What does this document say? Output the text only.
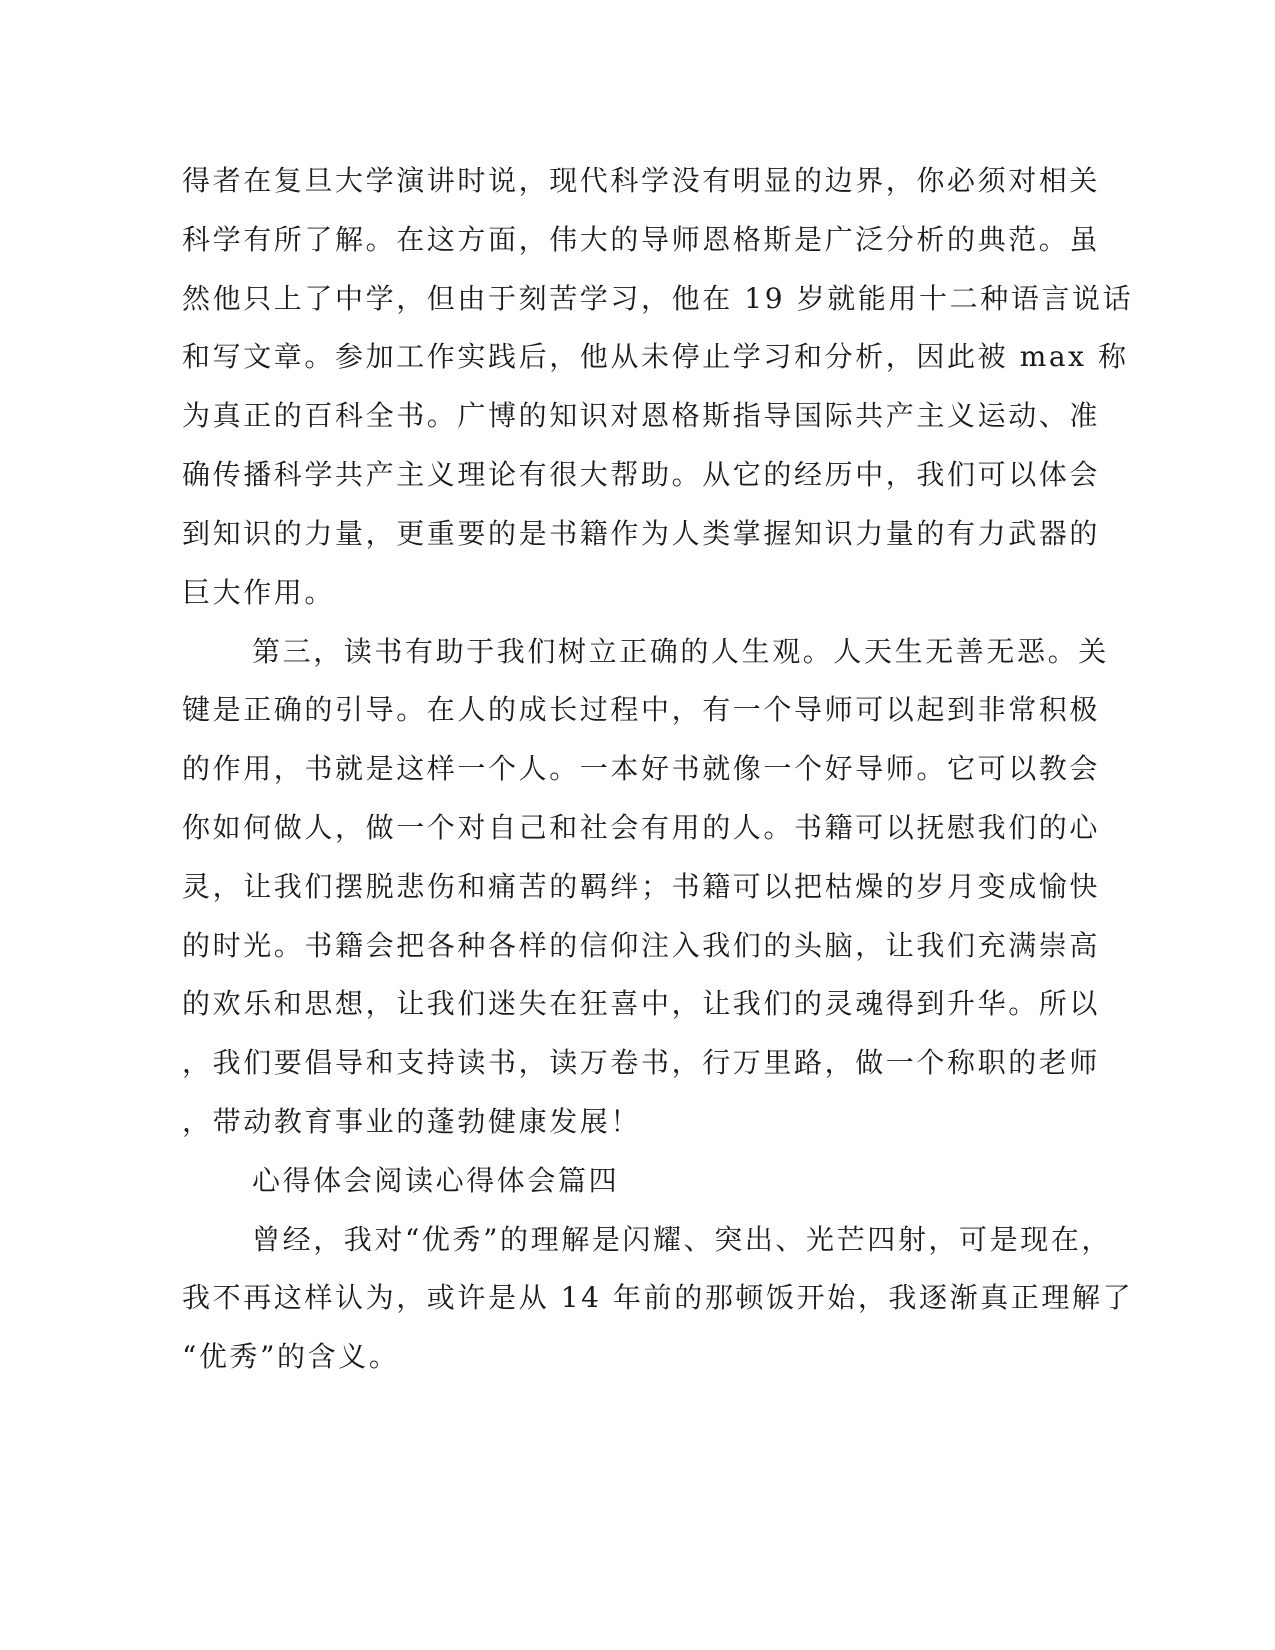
得者在复旦大学演讲时说，现代科学没有明显的边界，你必须对相关
科学有所了解。在这方面，伟大的导师恩格斯是广泛分析的典范。虽
然他只上了中学，但由于刻苦学习，他在 19 岁就能用十二种语言说话
和写文章。参加工作实践后，他从未停止学习和分析，因此被 max 称
为真正的百科全书。广博的知识对恩格斯指导国际共产主义运动、准
确传播科学共产主义理论有很大帮助。从它的经历中，我们可以体会
到知识的力量，更重要的是书籍作为人类掌握知识力量的有力武器的
巨大作用。
第三，读书有助于我们树立正确的人生观。人天生无善无恶。关
键是正确的引导。在人的成长过程中，有一个导师可以起到非常积极
的作用，书就是这样一个人。一本好书就像一个好导师。它可以教会
你如何做人，做一个对自己和社会有用的人。书籍可以抚慰我们的心
灵，让我们摆脱悲伤和痛苦的羁绊；书籍可以把枯燥的岁月变成愉快
的时光。书籍会把各种各样的信仰注入我们的头脑，让我们充满崇高
的欢乐和思想，让我们迷失在狂喜中，让我们的灵魂得到升华。所以
，我们要倡导和支持读书，读万卷书，行万里路，做一个称职的老师
，带动教育事业的蓬勃健康发展！
心得体会阅读心得体会篇四
曾经，我对“优秀”的理解是闪耀、突出、光芒四射，可是现在，
我不再这样认为，或许是从 14 年前的那顿饭开始，我逐渐真正理解了
“优秀”的含义。
